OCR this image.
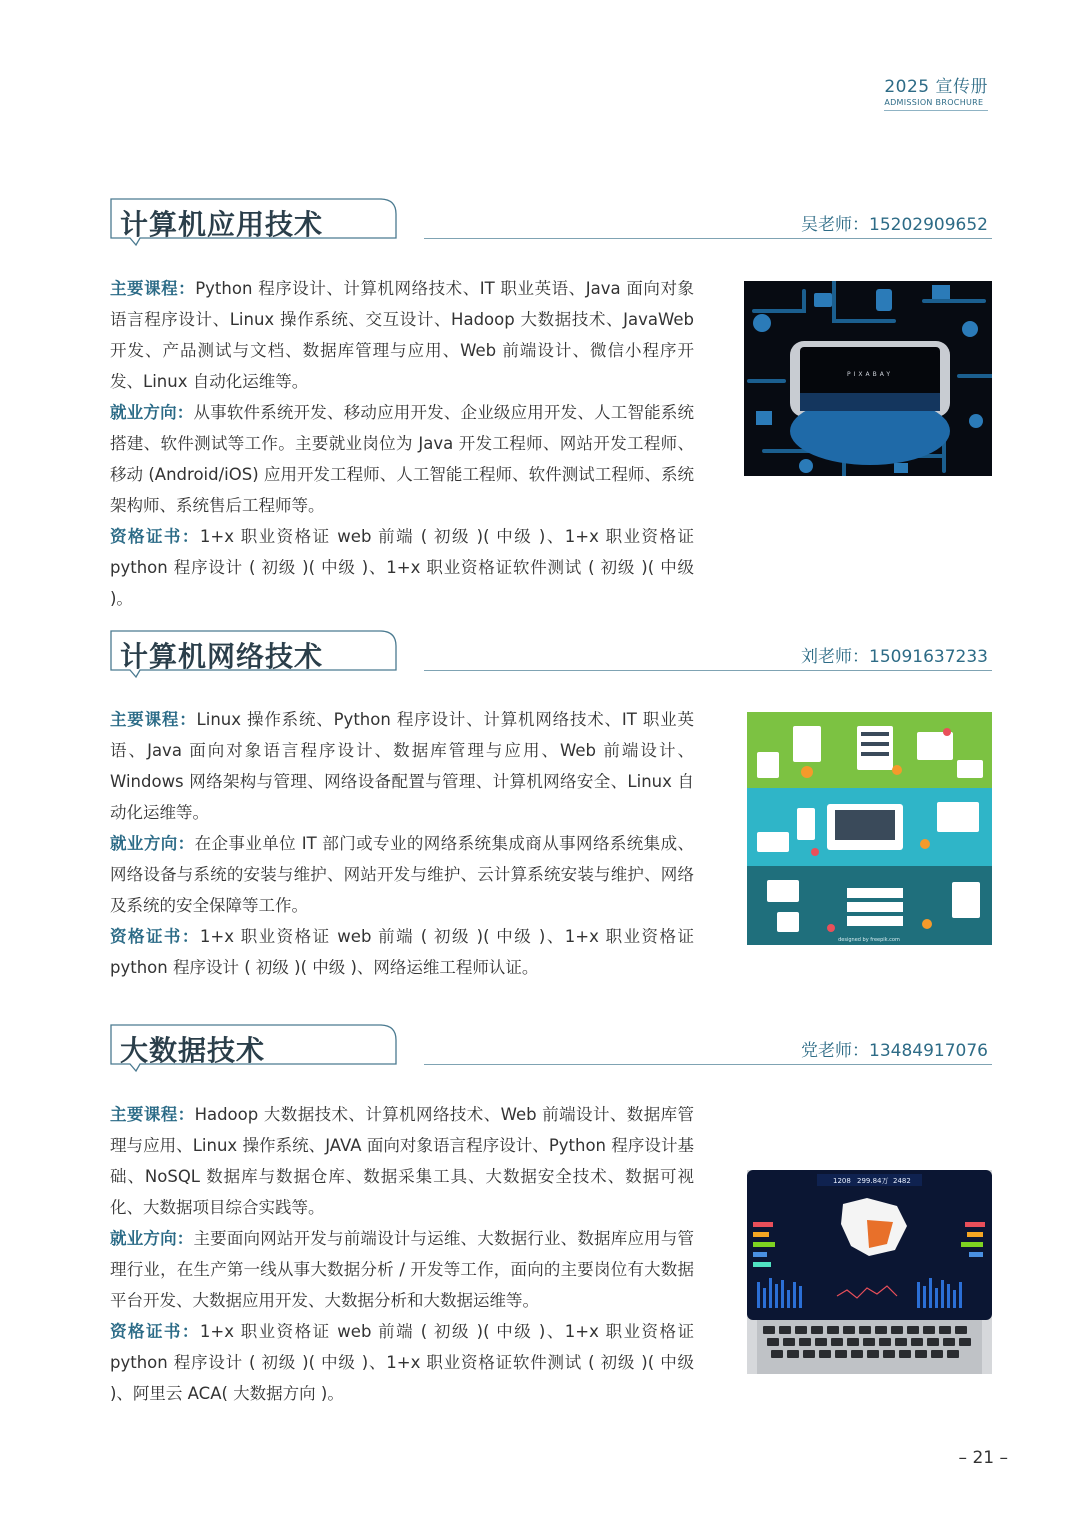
2025 宣传册
ADMISSION BROCHURE
计算机应用技术	吴老师：15202909652

主要课程：Python 程序设计、计算机网络技术、IT 职业英语、Java 面向对象语言程序设计、Linux 操作系统、交互设计、Hadoop 大数据技术、JavaWeb 开发、产品测试与文档、数据库管理与应用、Web 前端设计、微信小程序开发、Linux 自动化运维等。

就业方向：从事软件系统开发、移动应用开发、企业级应用开发、人工智能系统搭建、软件测试等工作。主要就业岗位为 Java 开发工程师、网站开发工程师、移动 (Android/iOS) 应用开发工程师、人工智能工程师、软件测试工程师、系统架构师、系统售后工程师等。

资格证书：1+x 职业资格证 web 前端 ( 初级 )( 中级 )、1+x 职业资格证 python 程序设计 ( 初级 )( 中级 )、1+x 职业资格证软件测试 ( 初级 )( 中级 )。

PIXABAY
计算机网络技术	刘老师：15091637233

主要课程：Linux 操作系统、Python 程序设计、计算机网络技术、IT 职业英语、Java 面向对象语言程序设计、数据库管理与应用、Web 前端设计、Windows 网络架构与管理、网络设备配置与管理、计算机网络安全、Linux 自动化运维等。

就业方向：在企事业单位 IT 部门或专业的网络系统集成商从事网络系统集成、网络设备与系统的安装与维护、网站开发与维护、云计算系统安装与维护、网络及系统的安全保障等工作。

资格证书：1+x 职业资格证 web 前端 ( 初级 )( 中级 )、1+x 职业资格证 python 程序设计 ( 初级 )( 中级 )、网络运维工程师认证。

designed by freepik.com
大数据技术	党老师：13484917076

主要课程：Hadoop 大数据技术、计算机网络技术、Web 前端设计、数据库管理与应用、Linux 操作系统、JAVA 面向对象语言程序设计、Python 程序设计基础、NoSQL 数据库与数据仓库、数据采集工具、大数据安全技术、数据可视化、大数据项目综合实践等。

就业方向：主要面向网站开发与前端设计与运维、大数据行业、数据库应用与管理行业，在生产第一线从事大数据分析 / 开发等工作，面向的主要岗位有大数据平台开发、大数据应用开发、大数据分析和大数据运维等。

资格证书：1+x 职业资格证 web 前端 ( 初级 )( 中级 )、1+x 职业资格证 python 程序设计 ( 初级 )( 中级 )、1+x 职业资格证软件测试 ( 初级 )( 中级 )、阿里云 ACA( 大数据方向 )。

1208 299.84万 2482
– 21 –
